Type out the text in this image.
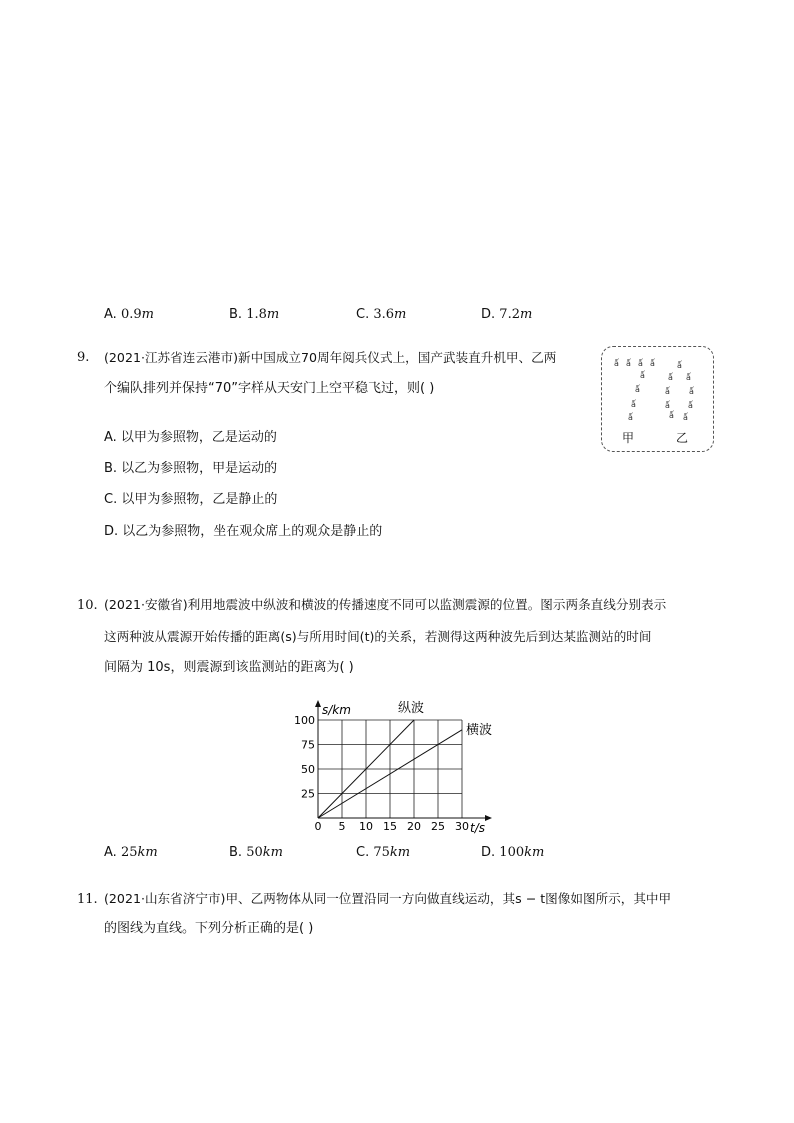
A. 0.9m	B. 1.8m	C. 3.6m	D. 7.2m
9. (2021·江苏省连云港市)新中国成立70周年阅兵仪式上，国产武装直升机甲、乙两
个编队排列并保持“70”字样从天安门上空平稳飞过，则( )
A. 以甲为参照物，乙是运动的
B. 以乙为参照物，甲是运动的
C. 以甲为参照物，乙是静止的
D. 以乙为参照物，坐在观众席上的观众是静止的
ǻ ǻ ǻ ǻ
ǻ
ǻ
ǻ
ǻ
ǻ
ǻ ǻ
ǻ ǻ
ǻ ǻ
ǻ ǻ
甲	乙
10. (2021·安徽省)利用地震波中纵波和横波的传播速度不同可以监测震源的位置。图示两条直线分别表示
这两种波从震源开始传播的距离(s)与所用时间(t)的关系，若测得这两种波先后到达某监测站的时间
间隔为 10s，则震源到该监测站的距离为( )
0 5 10 15 20 25 30
25
50
75
100
t/s
s/km	纵波
横波
A. 25km	B. 50km	C. 75km	D. 100km
11. (2021·山东省济宁市)甲、乙两物体从同一位置沿同一方向做直线运动，其s − t图像如图所示，其中甲
的图线为直线。下列分析正确的是( )
